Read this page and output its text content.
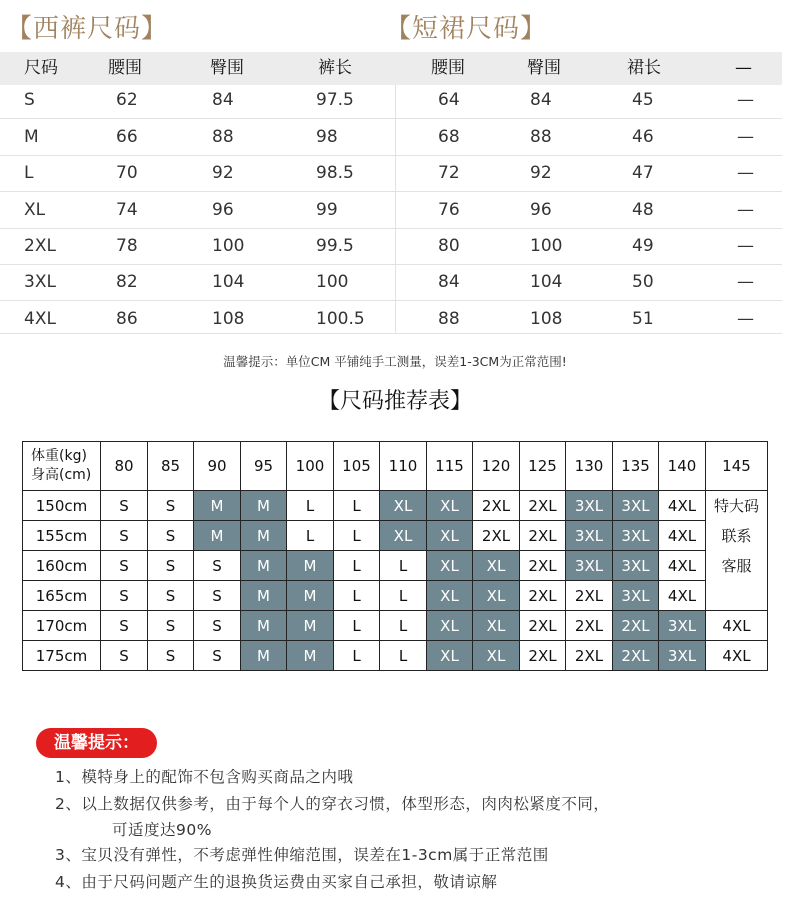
【西裤尺码】	【短裙尺码】
尺码	腰围	臀围	裤长	腰围	臀围	裙长	—
S	62	84	97.5	64	84	45	—
M	66	88	98	68	88	46	—
L	70	92	98.5	72	92	47	—
XL	74	96	99	76	96	48	—
2XL	78	100	99.5	80	100	49	—
3XL	82	104	100	84	104	50	—
4XL	86	108	100.5	88	108	51	—
温馨提示：单位CM 平铺纯手工测量，误差1-3CM为正常范围!
【尺码推荐表】
体重(kg)
身高(cm)	80	85	90	95	100	105	110	115	120	125	130	135	140	145
150cm	S	S	M	M	L	L	XL	XL	2XL	2XL	3XL	3XL	4XL	特大码
155cm	S	S	M	M	L	L	XL	XL	2XL	2XL	3XL	3XL	4XL	联系
160cm	S	S	S	M	M	L	L	XL	XL	2XL	3XL	3XL	4XL	客服
165cm	S	S	S	M	M	L	L	XL	XL	2XL	2XL	3XL	4XL	
170cm	S	S	S	M	M	L	L	XL	XL	2XL	2XL	2XL	3XL	4XL
175cm	S	S	S	M	M	L	L	XL	XL	2XL	2XL	2XL	3XL	4XL
温馨提示：
1、模特身上的配饰不包含购买商品之内哦
2、以上数据仅供参考，由于每个人的穿衣习惯，体型形态，肉肉松紧度不同，
可适度达90%
3、宝贝没有弹性，不考虑弹性伸缩范围，误差在1-3cm属于正常范围
4、由于尺码问题产生的退换货运费由买家自己承担，敬请谅解
